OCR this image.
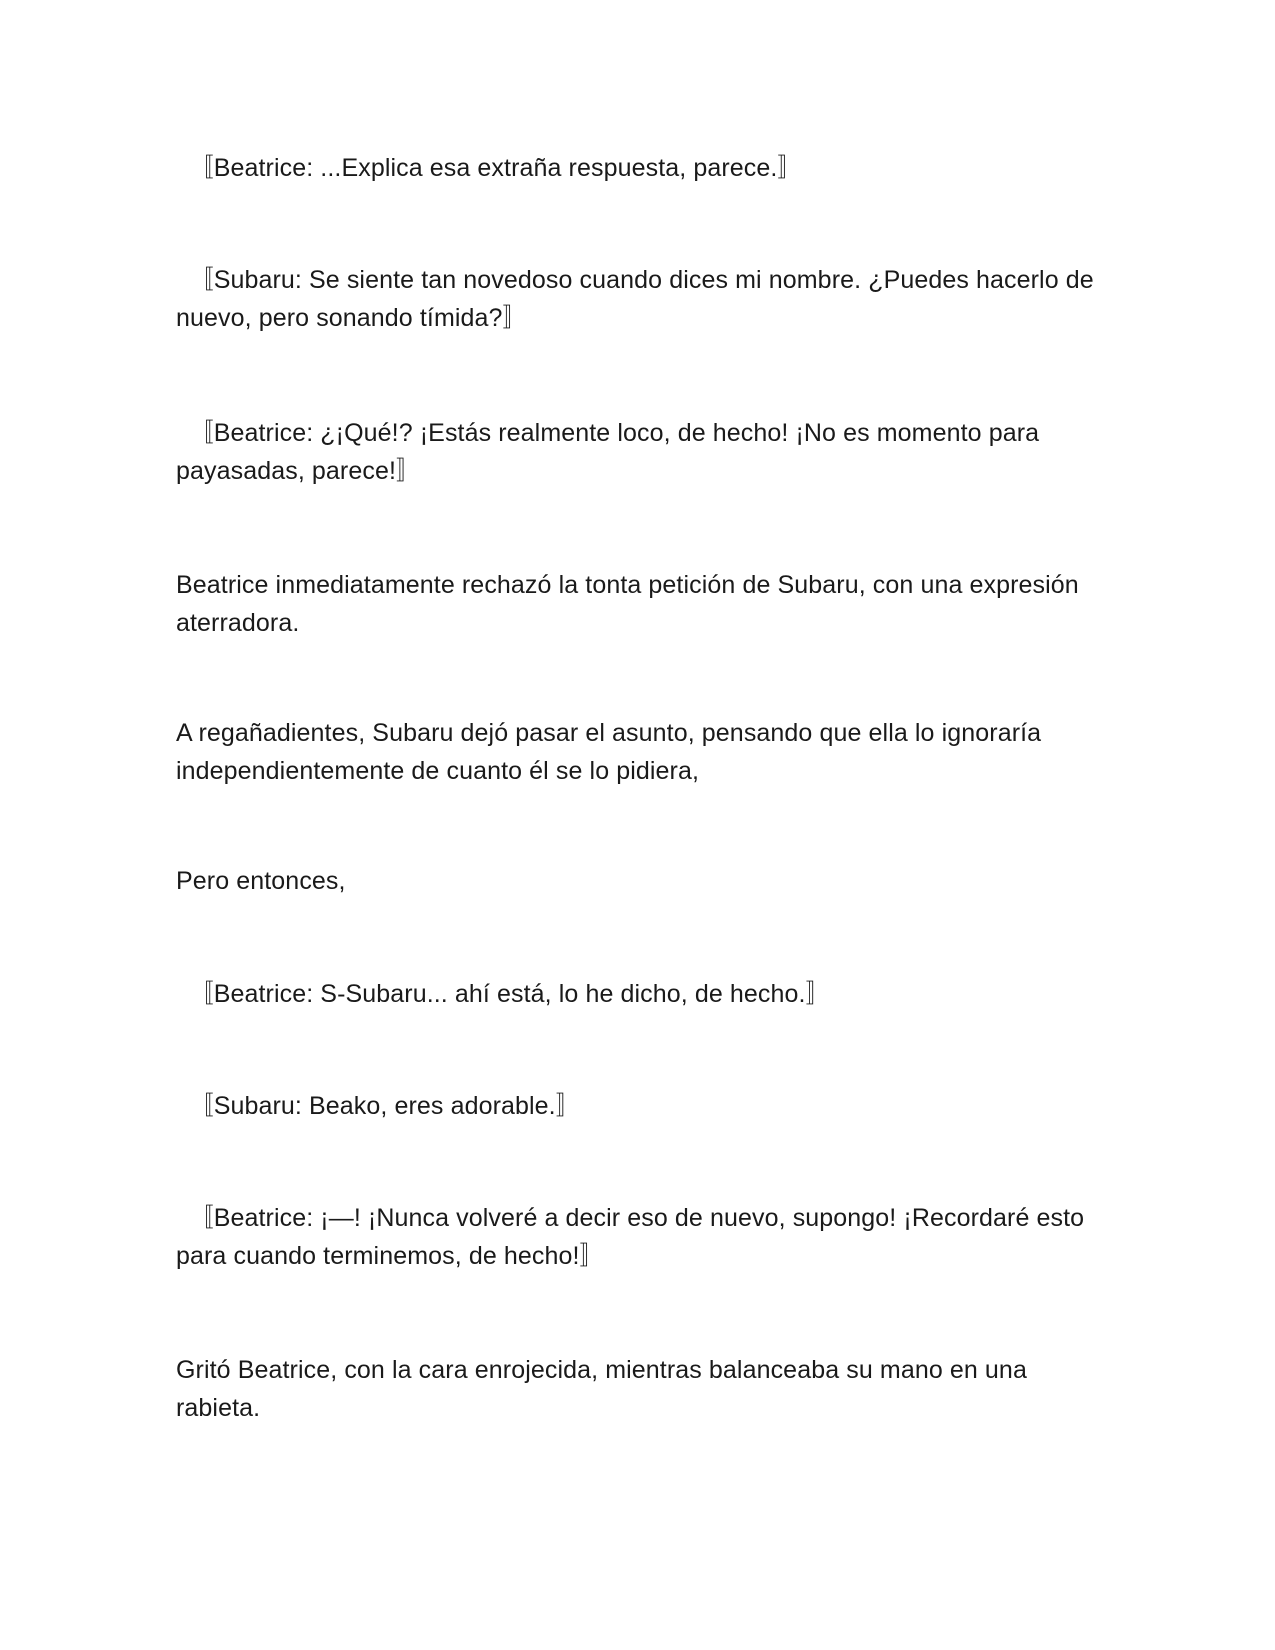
　〚Beatrice: ...Explica esa extraña respuesta, parece.〛

　〚Subaru: Se siente tan novedoso cuando dices mi nombre. ¿Puedes hacerlo de nuevo, pero sonando tímida?〛

　〚Beatrice: ¿¡Qué!? ¡Estás realmente loco, de hecho! ¡No es momento para payasadas, parece!〛

Beatrice inmediatamente rechazó la tonta petición de Subaru, con una expresión aterradora.

A regañadientes, Subaru dejó pasar el asunto, pensando que ella lo ignoraría independientemente de cuanto él se lo pidiera,

Pero entonces,

　〚Beatrice: S-Subaru... ahí está, lo he dicho, de hecho.〛

　〚Subaru: Beako, eres adorable.〛

　〚Beatrice: ¡—! ¡Nunca volveré a decir eso de nuevo, supongo! ¡Recordaré esto para cuando terminemos, de hecho!〛

Gritó Beatrice, con la cara enrojecida, mientras balanceaba su mano en una rabieta.
